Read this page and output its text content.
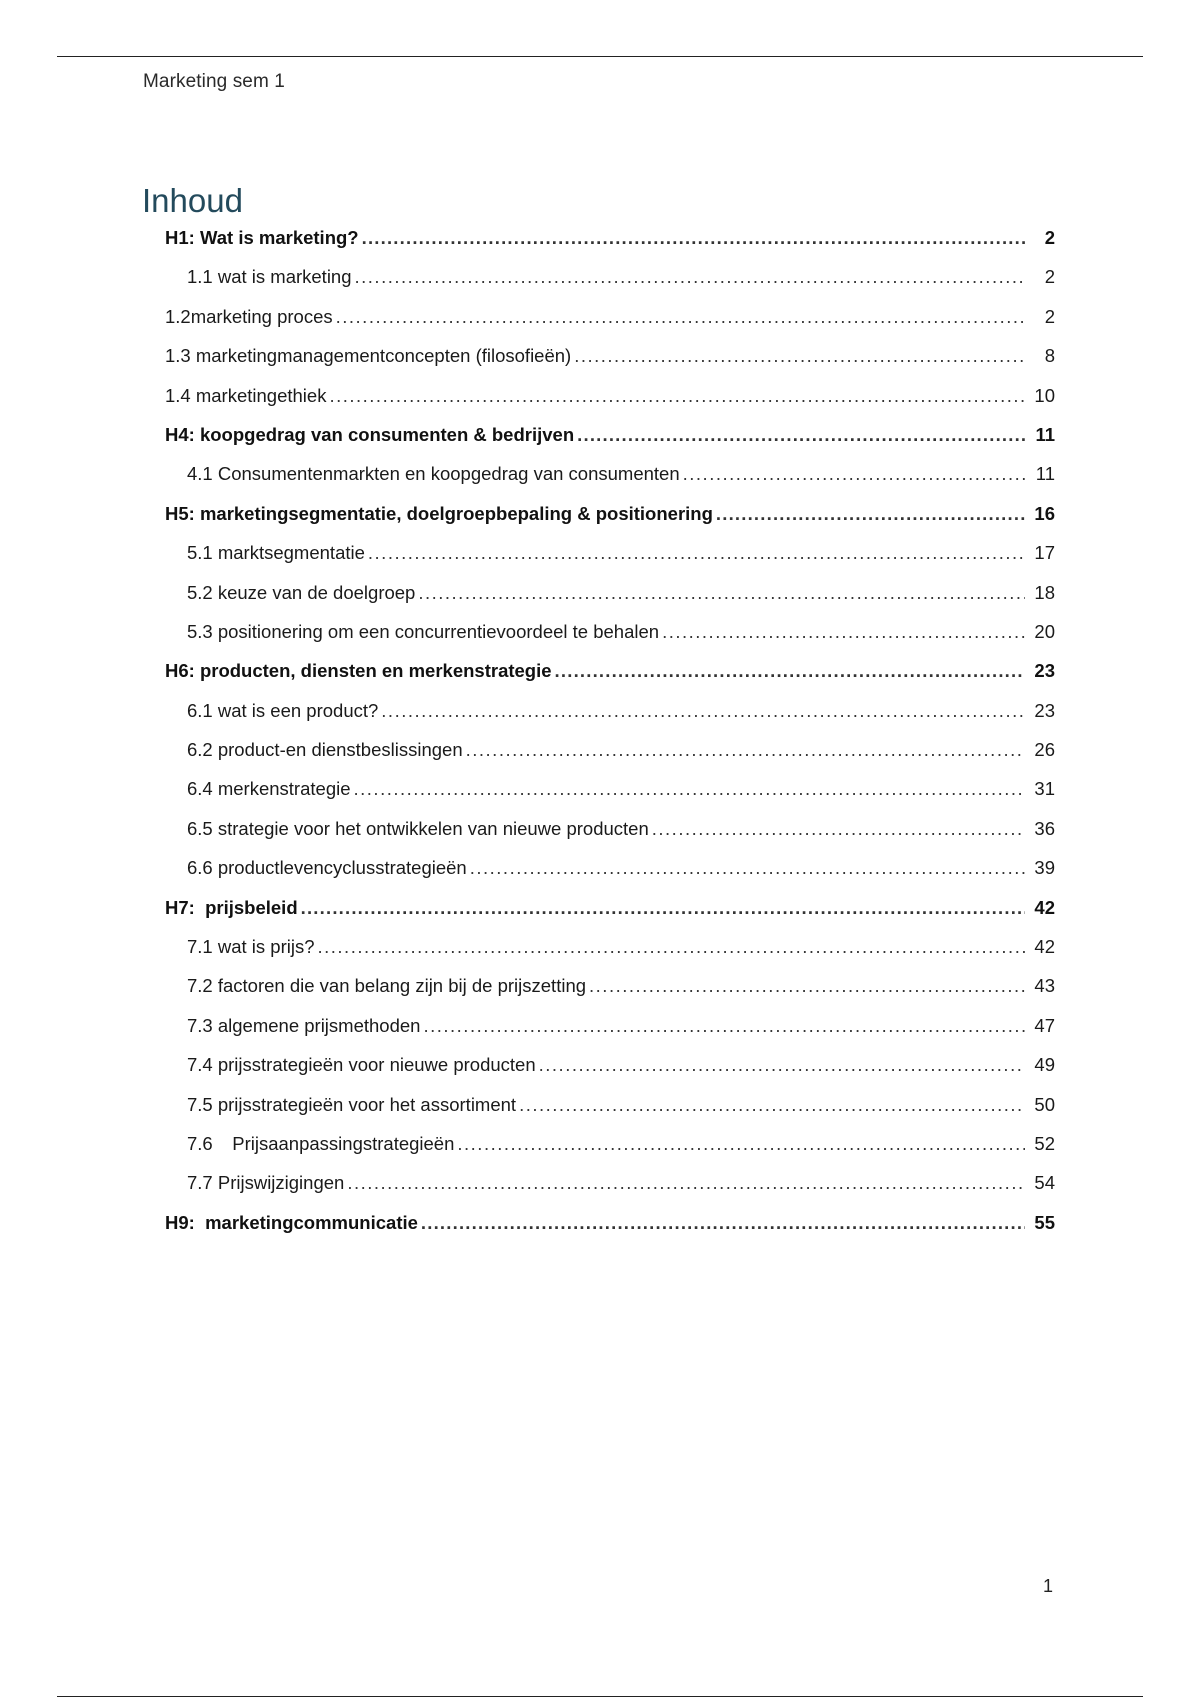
Marketing sem 1
Inhoud
H1: Wat is marketing? .....	2
1.1 wat is marketing .....	2
1.2marketing proces .....	2
1.3 marketingmanagementconcepten (filosofieën) .....	8
1.4 marketingethiek .....	10
H4: koopgedrag van consumenten & bedrijven .....	11
4.1 Consumentenmarkten en koopgedrag van consumenten .....	11
H5: marketingsegmentatie, doelgroepbepaling & positionering .....	16
5.1 marktsegmentatie .....	17
5.2 keuze van de doelgroep .....	18
5.3 positionering om een concurrentievoordeel te behalen .....	20
H6: producten, diensten en merkenstrategie .....	23
6.1 wat is een product? .....	23
6.2 product-en dienstbeslissingen .....	26
6.4 merkenstrategie .....	31
6.5 strategie voor het ontwikkelen van nieuwe producten .....	36
6.6 productlevencyclusstrategieën .....	39
H7:  prijsbeleid .....	42
7.1 wat is prijs? .....	42
7.2 factoren die van belang zijn bij de prijszetting .....	43
7.3 algemene prijsmethoden .....	47
7.4 prijsstrategieën voor nieuwe producten .....	49
7.5 prijsstrategieën voor het assortiment .....	50
7.6 Prijsaanpassingstrategieën .....	52
7.7 Prijswijzigingen .....	54
H9:  marketingcommunicatie .....	55
1
